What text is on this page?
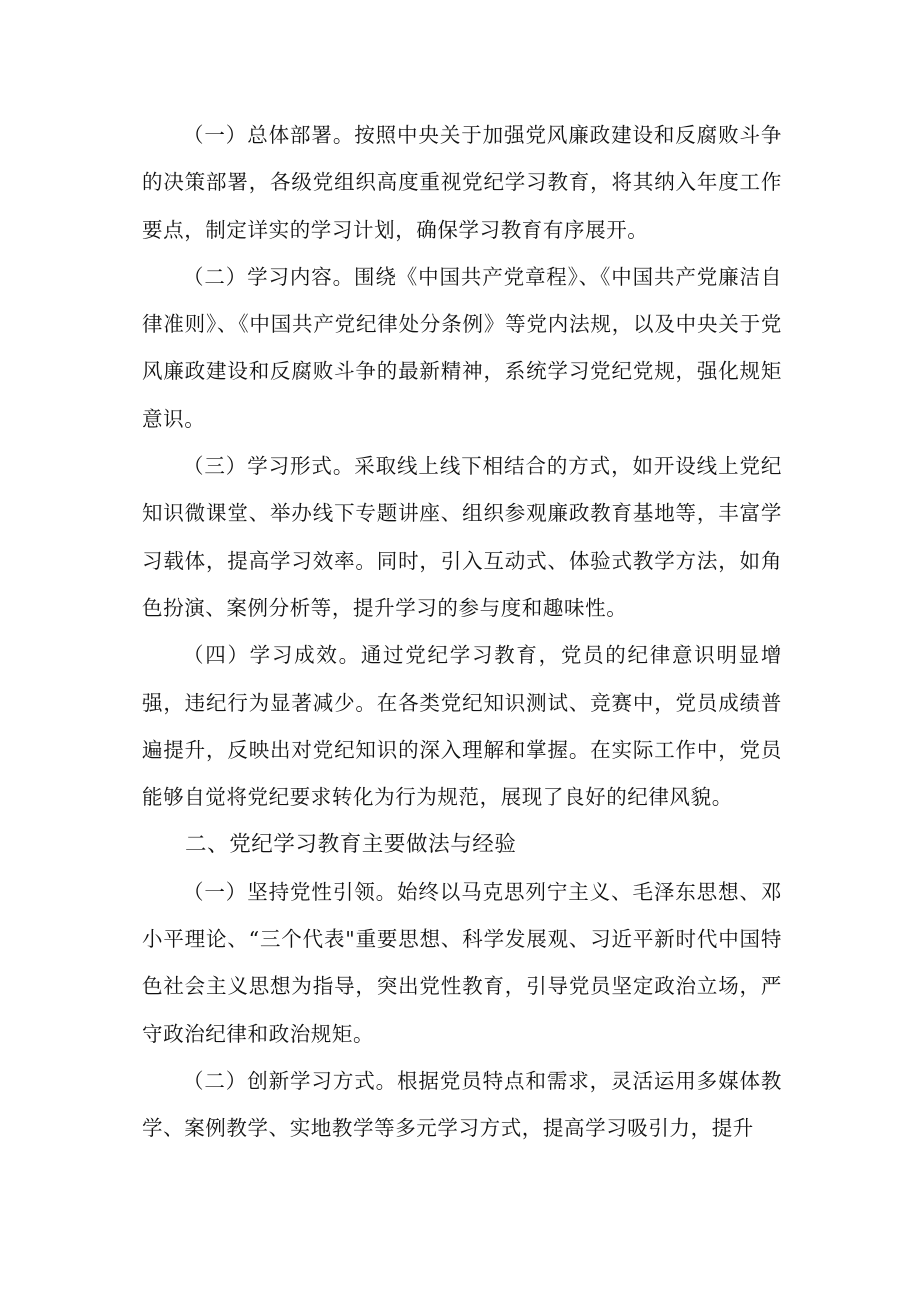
（一）总体部署。按照中央关于加强党风廉政建设和反腐败斗争的决策部署，各级党组织高度重视党纪学习教育，将其纳入年度工作要点，制定详实的学习计划，确保学习教育有序展开。

（二）学习内容。围绕《中国共产党章程》、《中国共产党廉洁自律准则》、《中国共产党纪律处分条例》等党内法规，以及中央关于党风廉政建设和反腐败斗争的最新精神，系统学习党纪党规，强化规矩意识。

（三）学习形式。采取线上线下相结合的方式，如开设线上党纪知识微课堂、举办线下专题讲座、组织参观廉政教育基地等，丰富学习载体，提高学习效率。同时，引入互动式、体验式教学方法，如角色扮演、案例分析等，提升学习的参与度和趣味性。

（四）学习成效。通过党纪学习教育，党员的纪律意识明显增强，违纪行为显著减少。在各类党纪知识测试、竞赛中，党员成绩普遍提升，反映出对党纪知识的深入理解和掌握。在实际工作中，党员能够自觉将党纪要求转化为行为规范，展现了良好的纪律风貌。

二、党纪学习教育主要做法与经验

（一）坚持党性引领。始终以马克思列宁主义、毛泽东思想、邓小平理论、“三个代表"重要思想、科学发展观、习近平新时代中国特色社会主义思想为指导，突出党性教育，引导党员坚定政治立场，严守政治纪律和政治规矩。

（二）创新学习方式。根据党员特点和需求，灵活运用多媒体教学、案例教学、实地教学等多元学习方式，提高学习吸引力，提升
